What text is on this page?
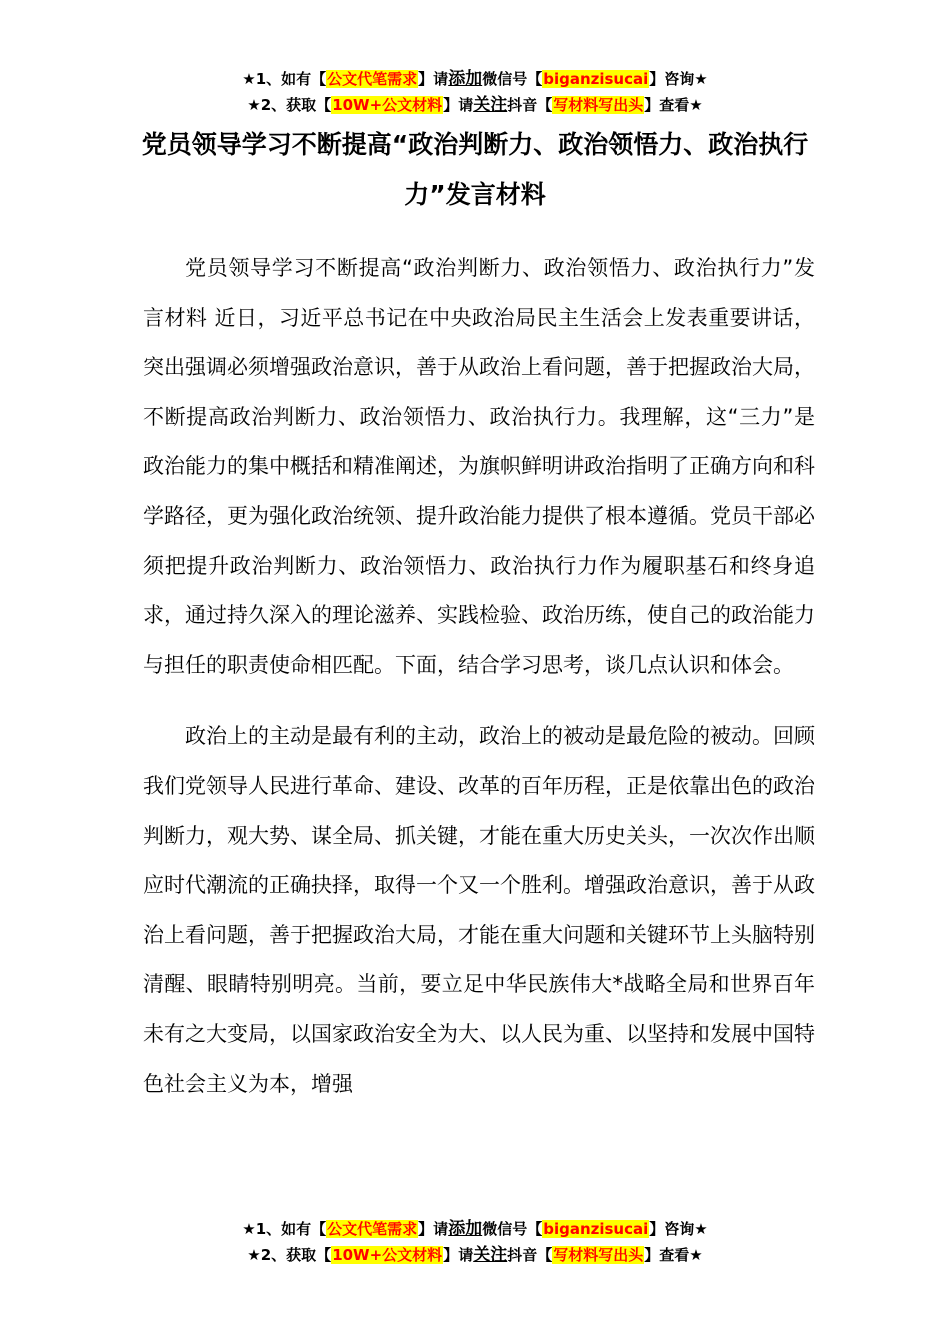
★1、如有【公文代笔需求】请添加微信号【biganzisucai】咨询★
★2、获取【10W+公文材料】请关注抖音【写材料写出头】查看★
党员领导学习不断提高“政治判断力、政治领悟力、政治执行力”发言材料

党员领导学习不断提高“政治判断力、政治领悟力、政治执行力”发言材料 近日，习近平总书记在中央政治局民主生活会上发表重要讲话，突出强调必须增强政治意识，善于从政治上看问题，善于把握政治大局，不断提高政治判断力、政治领悟力、政治执行力。我理解，这“三力”是政治能力的集中概括和精准阐述，为旗帜鲜明讲政治指明了正确方向和科学路径，更为强化政治统领、提升政治能力提供了根本遵循。党员干部必须把提升政治判断力、政治领悟力、政治执行力作为履职基石和终身追求，通过持久深入的理论滋养、实践检验、政治历练，使自己的政治能力与担任的职责使命相匹配。下面，结合学习思考，谈几点认识和体会。

政治上的主动是最有利的主动，政治上的被动是最危险的被动。回顾我们党领导人民进行革命、建设、改革的百年历程，正是依靠出色的政治判断力，观大势、谋全局、抓关键，才能在重大历史关头，一次次作出顺应时代潮流的正确抉择，取得一个又一个胜利。增强政治意识，善于从政治上看问题，善于把握政治大局，才能在重大问题和关键环节上头脑特别清醒、眼睛特别明亮。当前，要立足中华民族伟大*战略全局和世界百年未有之大变局，以国家政治安全为大、以人民为重、以坚持和发展中国特色社会主义为本，增强

★1、如有【公文代笔需求】请添加微信号【biganzisucai】咨询★
★2、获取【10W+公文材料】请关注抖音【写材料写出头】查看★
